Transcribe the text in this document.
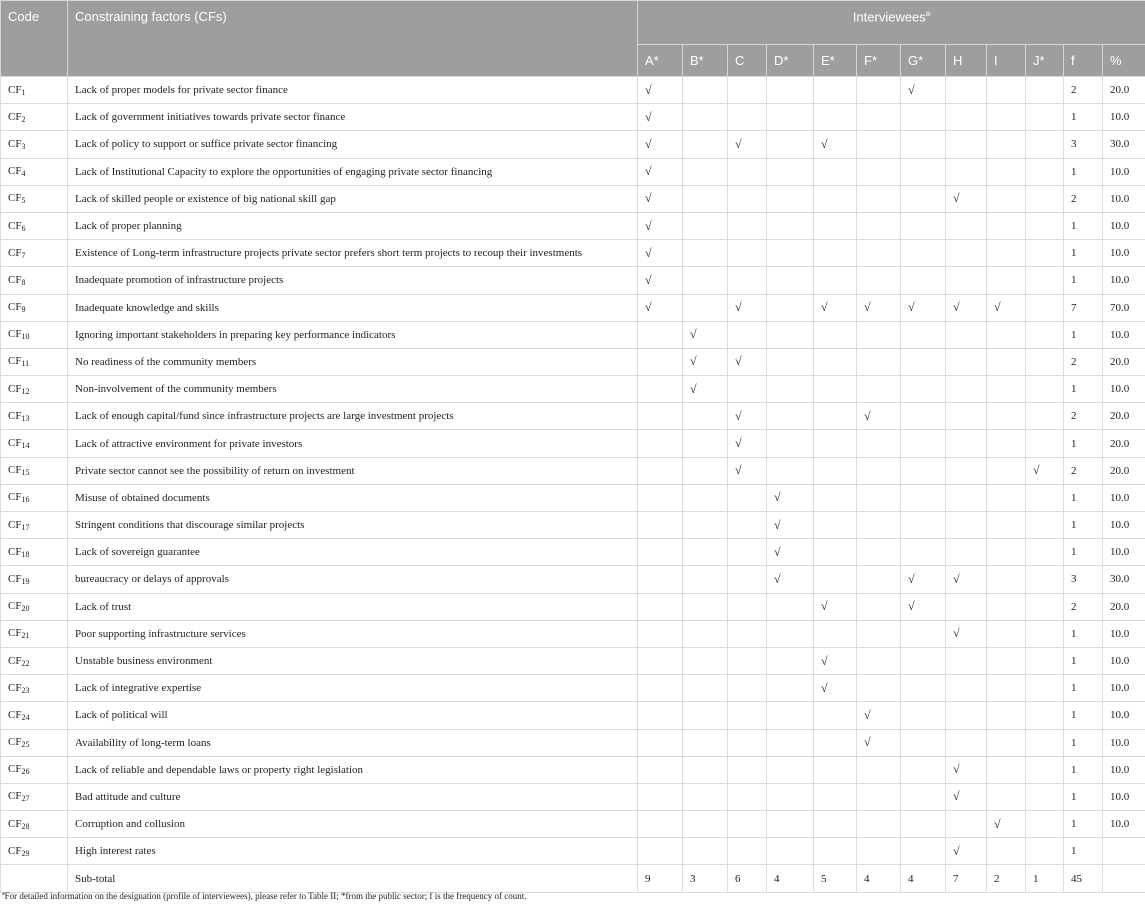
Code	Constraining factors (CFs)	Interviewees$^a$
		A*	B*	C	D*	E*	F*	G*	H	I	J*	f	%
$CF_1$	Lack of proper models for private sector finance	√						√				2	20.0
$CF_2$	Lack of government initiatives towards private sector finance	√										1	10.0
$CF_3$	Lack of policy to support or suffice private sector financing	√		√		√						3	30.0
$CF_4$	Lack of Institutional Capacity to explore the opportunities of engaging private sector financing	√										1	10.0
$CF_5$	Lack of skilled people or existence of big national skill gap	√							√			2	10.0
$CF_6$	Lack of proper planning	√										1	10.0
$CF_7$	Existence of Long-term infrastructure projects private sector prefers short term projects to recoup their investments	√										1	10.0
$CF_8$	Inadequate promotion of infrastructure projects	√										1	10.0
$CF_9$	Inadequate knowledge and skills	√		√		√	√	√	√	√		7	70.0
$CF_{10}$	Ignoring important stakeholders in preparing key performance indicators		√									1	10.0
$CF_{11}$	No readiness of the community members		√	√								2	20.0
$CF_{12}$	Non-involvement of the community members		√									1	10.0
$CF_{13}$	Lack of enough capital/fund since infrastructure projects are large investment projects			√			√					2	20.0
$CF_{14}$	Lack of attractive environment for private investors			√								1	20.0
$CF_{15}$	Private sector cannot see the possibility of return on investment			√							√	2	20.0
$CF_{16}$	Misuse of obtained documents				√							1	10.0
$CF_{17}$	Stringent conditions that discourage similar projects				√							1	10.0
$CF_{18}$	Lack of sovereign guarantee				√							1	10.0
$CF_{19}$	bureaucracy or delays of approvals				√			√	√			3	30.0
$CF_{20}$	Lack of trust					√		√				2	20.0
$CF_{21}$	Poor supporting infrastructure services								√			1	10.0
$CF_{22}$	Unstable business environment					√						1	10.0
$CF_{23}$	Lack of integrative expertise					√						1	10.0
$CF_{24}$	Lack of political will						√					1	10.0
$CF_{25}$	Availability of long-term loans						√					1	10.0
$CF_{26}$	Lack of reliable and dependable laws or property right legislation								√			1	10.0
$CF_{27}$	Bad attitude and culture								√			1	10.0
$CF_{28}$	Corruption and collusion									√		1	10.0
$CF_{29}$	High interest rates								√			1	
	Sub-total	9	3	6	4	5	4	4	7	2	1	45	
$^a$For detailed information on the designation (profile of interviewees), please refer to Table II; *from the public sector; f is the frequency of count.
